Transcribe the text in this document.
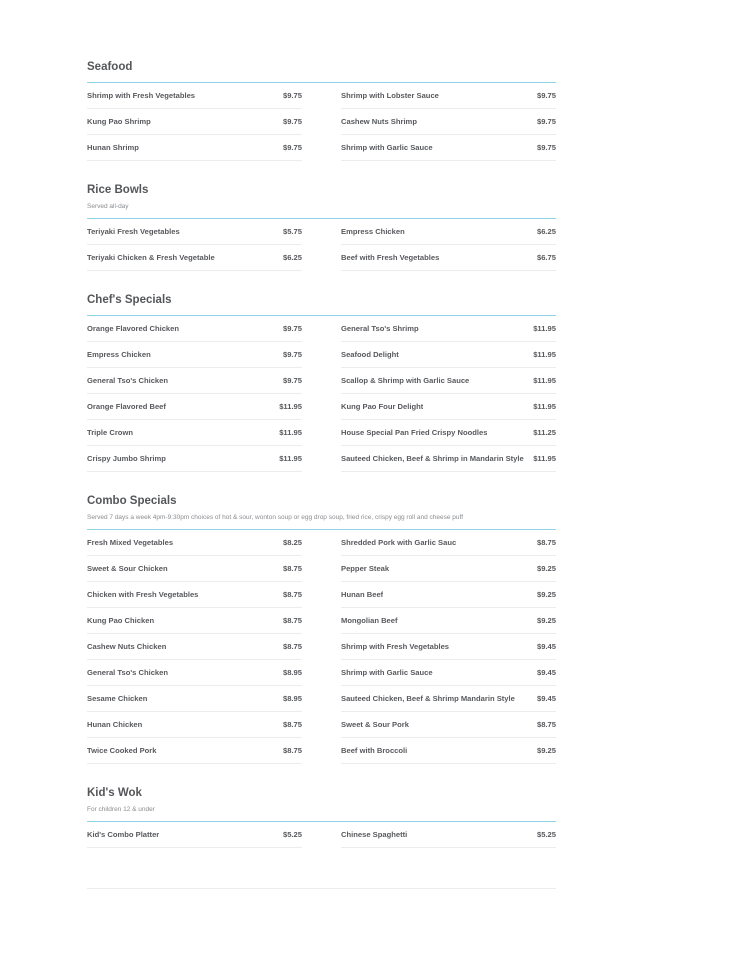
Seafood
Shrimp with Fresh Vegetables	$9.75	Shrimp with Lobster Sauce	$9.75
Kung Pao Shrimp	$9.75	Cashew Nuts Shrimp	$9.75
Hunan Shrimp	$9.75	Shrimp with Garlic Sauce	$9.75
Rice Bowls
Served all-day
Teriyaki Fresh Vegetables	$5.75	Empress Chicken	$6.25
Teriyaki Chicken & Fresh Vegetable	$6.25	Beef with Fresh Vegetables	$6.75
Chef's Specials
Orange Flavored Chicken	$9.75	General Tso's Shrimp	$11.95
Empress Chicken	$9.75	Seafood Delight	$11.95
General Tso's Chicken	$9.75	Scallop & Shrimp with Garlic Sauce	$11.95
Orange Flavored Beef	$11.95	Kung Pao Four Delight	$11.95
Triple Crown	$11.95	House Special Pan Fried Crispy Noodles	$11.25
Crispy Jumbo Shrimp	$11.95	Sauteed Chicken, Beef & Shrimp in Mandarin Style $11.95
Combo Specials
Served 7 days a week 4pm-9:30pm choices of hot & sour, wonton soup or egg drop soup, fried rice, crispy egg roll and cheese puff
Fresh Mixed Vegetables	$8.25	Shredded Pork with Garlic Sauc	$8.75
Sweet & Sour Chicken	$8.75	Pepper Steak	$9.25
Chicken with Fresh Vegetables	$8.75	Hunan Beef	$9.25
Kung Pao Chicken	$8.75	Mongolian Beef	$9.25
Cashew Nuts Chicken	$8.75	Shrimp with Fresh Vegetables	$9.45
General Tso's Chicken	$8.95	Shrimp with Garlic Sauce	$9.45
Sesame Chicken	$8.95	Sauteed Chicken, Beef & Shrimp Mandarin Style	$9.45
Hunan Chicken	$8.75	Sweet & Sour Pork	$8.75
Twice Cooked Pork	$8.75	Beef with Broccoli	$9.25
Kid's Wok
For children 12 & under
Kid's Combo Platter	$5.25	Chinese Spaghetti	$5.25
